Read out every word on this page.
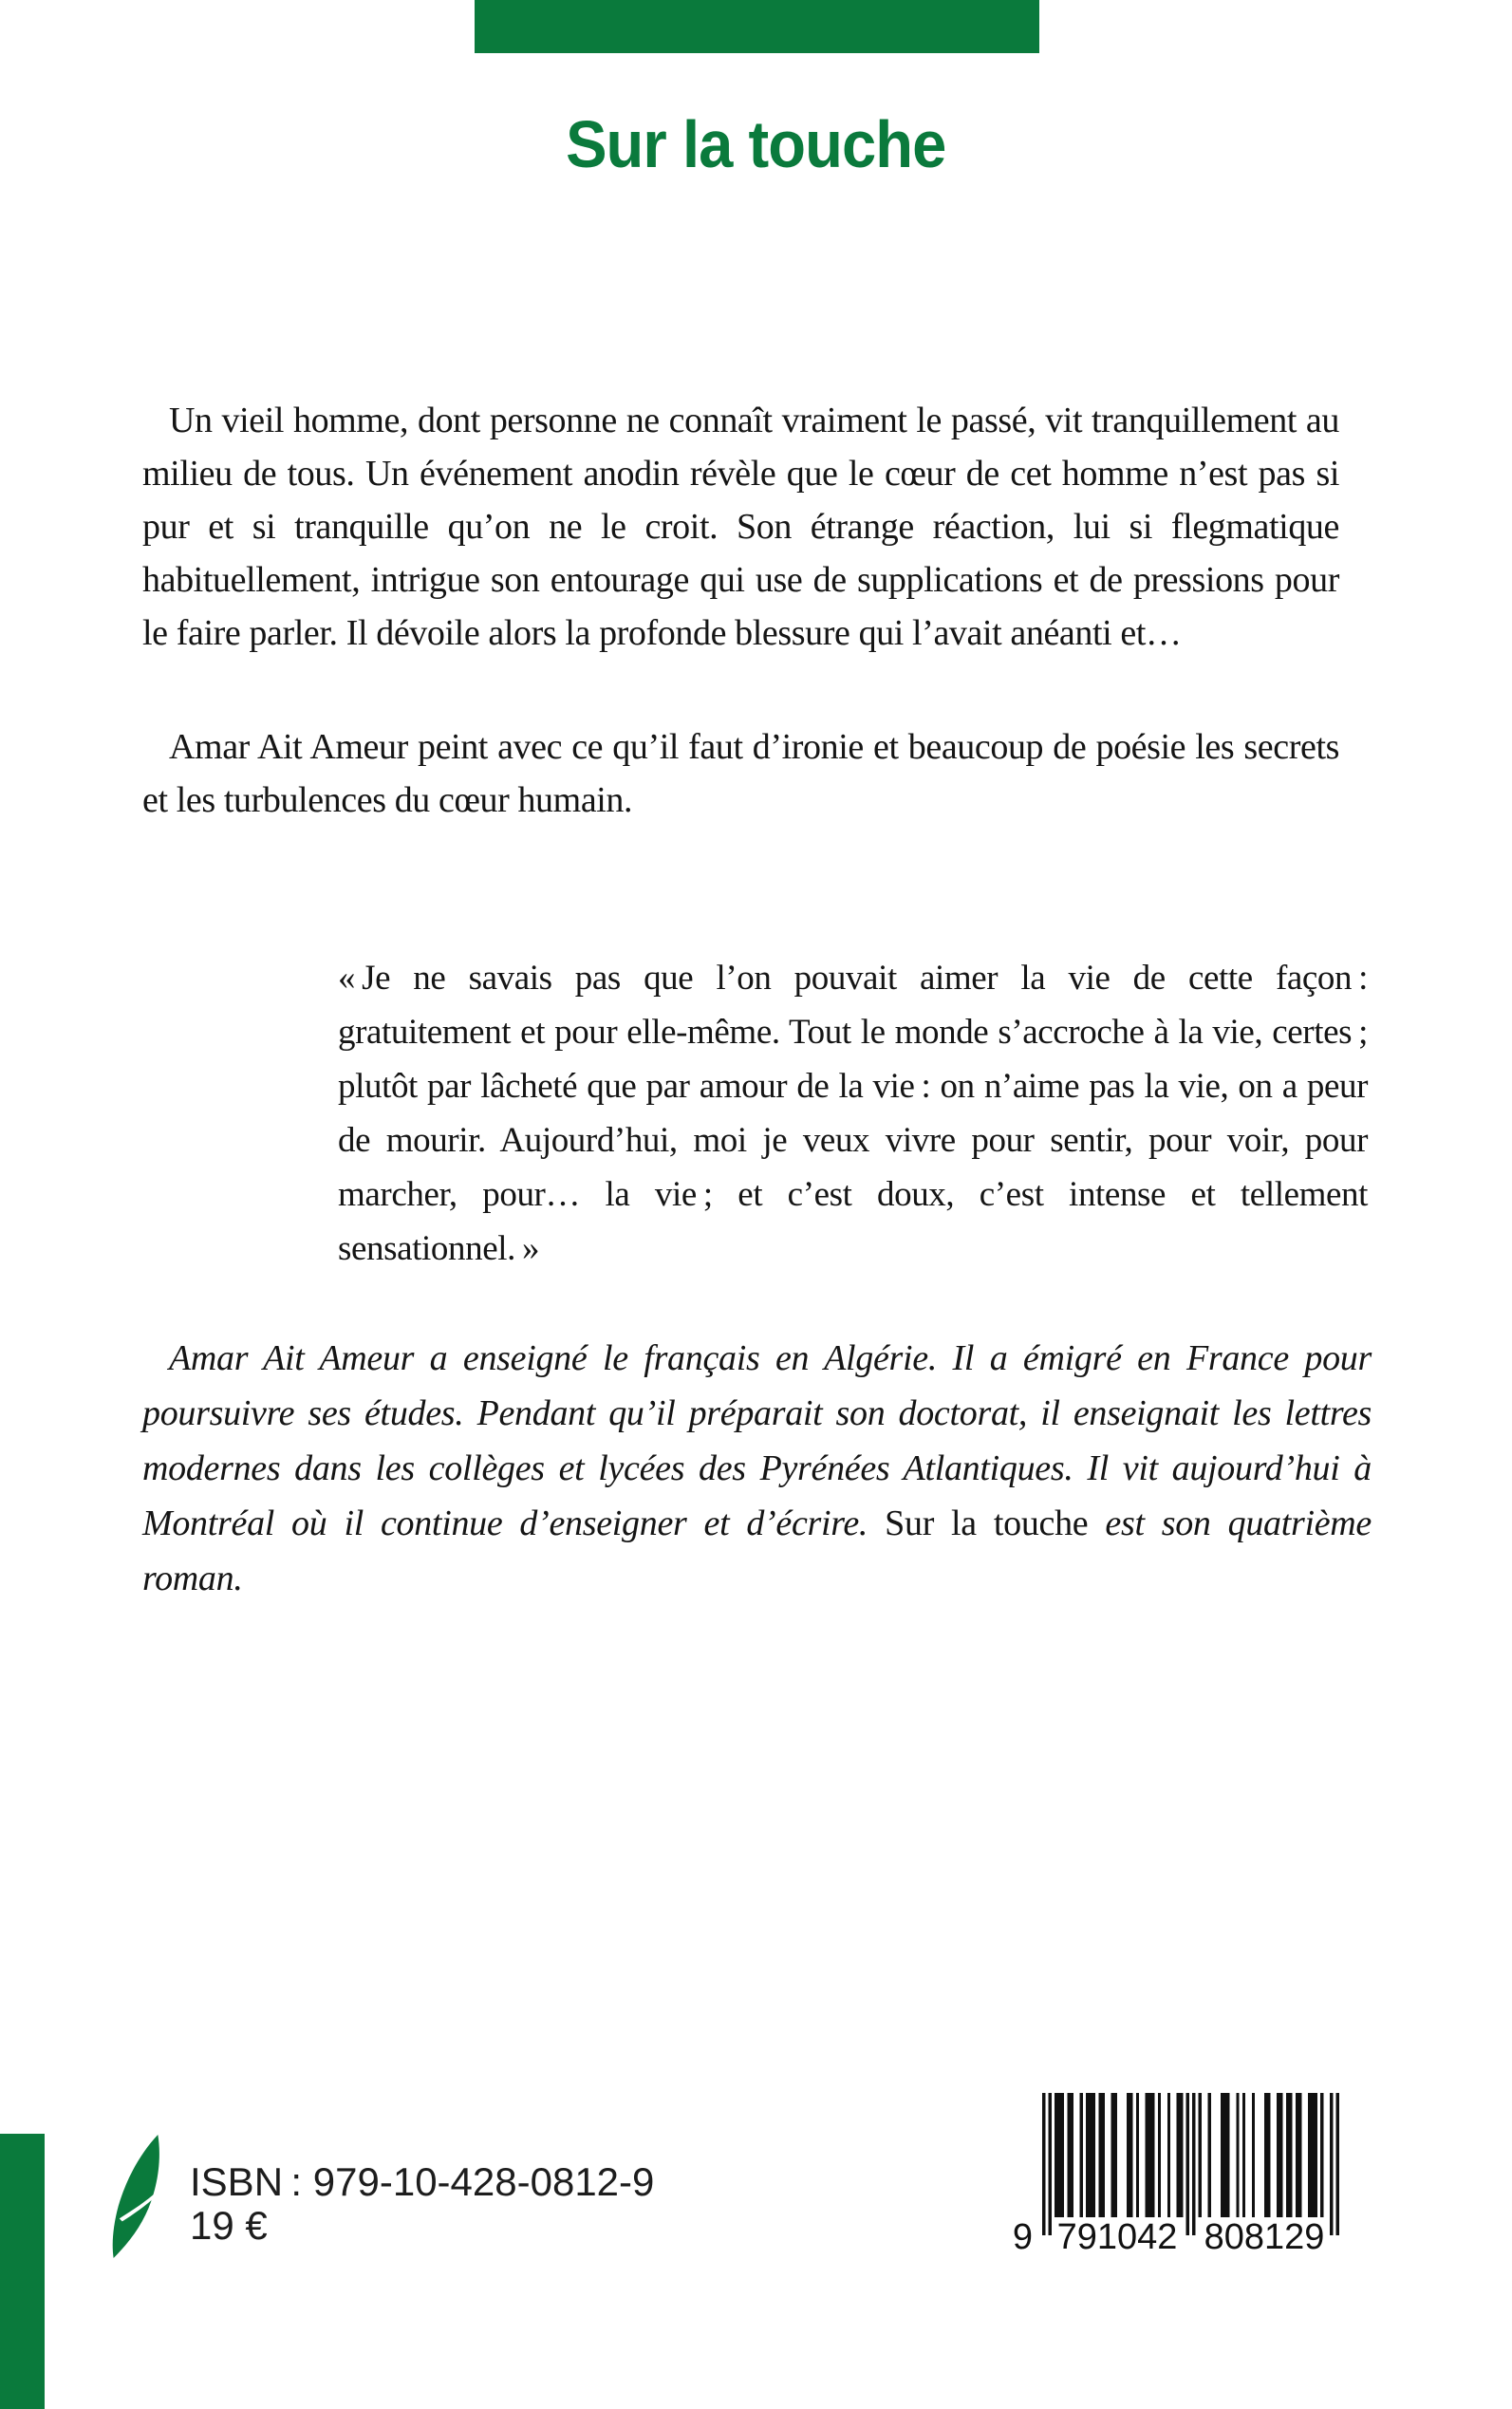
Sur la touche

Un vieil homme, dont personne ne connaît vraiment le passé, vit tranquillement au milieu de tous. Un événement anodin révèle que le cœur de cet homme n’est pas si pur et si tranquille qu’on ne le croit. Son étrange réaction, lui si flegmatique habituellement, intrigue son entourage qui use de supplications et de pressions pour le faire parler. Il dévoile alors la profonde blessure qui l’avait anéanti et…

Amar Ait Ameur peint avec ce qu’il faut d’ironie et beaucoup de poésie les secrets et les turbulences du cœur humain.

« Je ne savais pas que l’on pouvait aimer la vie de cette façon : gratuitement et pour elle-même. Tout le monde s’accroche à la vie, certes ; plutôt par lâcheté que par amour de la vie : on n’aime pas la vie, on a peur de mourir. Aujourd’hui, moi je veux vivre pour sentir, pour voir, pour marcher, pour… la vie ; et c’est doux, c’est intense et tellement sensationnel. »
Amar Ait Ameur a enseigné le français en Algérie. Il a émigré en France pour poursuivre ses études. Pendant qu’il préparait son doctorat, il enseignait les lettres modernes dans les collèges et lycées des Pyrénées Atlantiques. Il vit aujourd’hui à Montréal où il continue d’enseigner et d’écrire. Sur la touche est son quatrième roman.
ISBN : 979-10-428-0812-9
19 €	9 791042 808129
